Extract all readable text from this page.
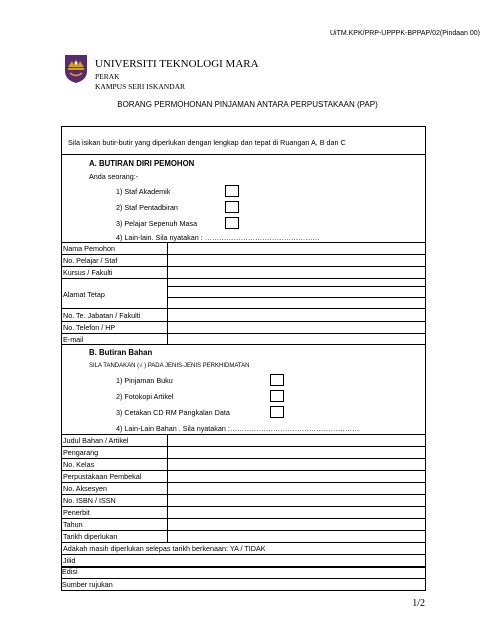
UiTM.KPK/PRP-UPPPK-BPPAP/02(Pindaan 00)
UNIVERSITI TEKNOLOGI MARA
PERAK
KAMPUS SERI ISKANDAR
BORANG PERMOHONAN PINJAMAN ANTARA PERPUSTAKAAN (PAP)
Sila isikan butir-butir yang diperlukan dengan lengkap dan tepat di Ruangan A, B dan C
A. BUTIRAN DIRI PEMOHON
Anda seorang:-
1) Staf Akademik
2) Staf Pentadbiran
3) Pelajar Sepenuh Masa
4) Lain-lain. Sila nyatakan : …………………………………………
Nama Pemohon
No. Pelajar / Staf
Kursus / Fakulti
Alamat Tetap
No. Te. Jabatan / Fakulti
No. Telefon / HP
E-mail
B. Butiran Bahan
SILA TANDAKAN (√ ) PADA JENIS-JENIS PERKHIDMATAN
1) Pinjaman Buku
2) Fotokopi Artikel
3) Cetakan CD RM Pangkalan Data
4) Lain-Lain Bahan . Sila nyatakan :………………………………………………
Judul Bahan / Artikel
Pengarang
No. Kelas
Perpustakaan Pembekal
No. Aksesyen
No. ISBN / ISSN
Penerbit
Tahun
Tarikh diperlukan
Adakah masih diperlukan selepas tarikh berkenaan: YA / TIDAK
Jilid
Edisi
Sumber rujukan
1/2
